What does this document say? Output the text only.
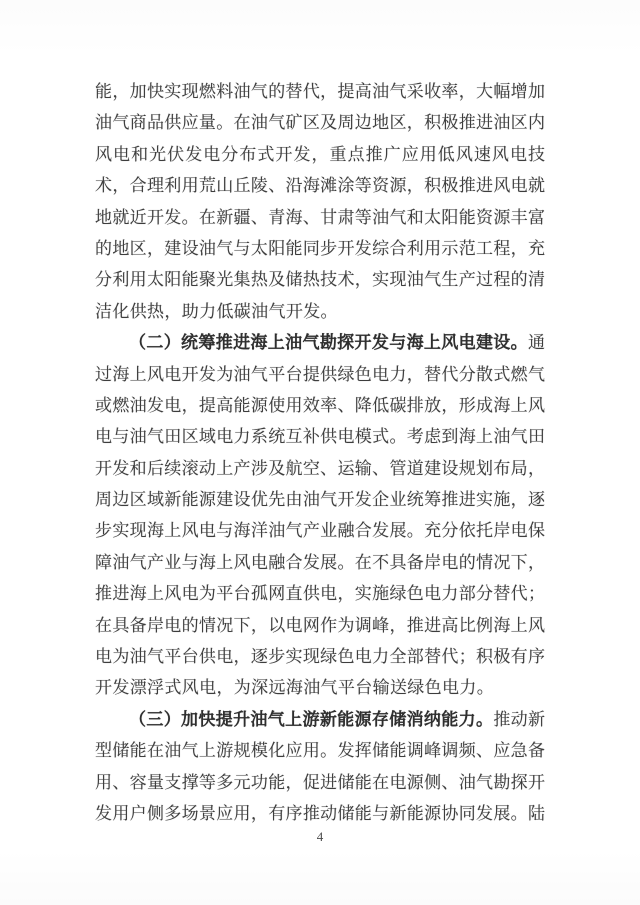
能，加快实现燃料油气的替代，提高油气采收率，大幅增加
油气商品供应量。在油气矿区及周边地区，积极推进油区内
风电和光伏发电分布式开发，重点推广应用低风速风电技
术，合理利用荒山丘陵、沿海滩涂等资源，积极推进风电就
地就近开发。在新疆、青海、甘肃等油气和太阳能资源丰富
的地区，建设油气与太阳能同步开发综合利用示范工程，充
分利用太阳能聚光集热及储热技术，实现油气生产过程的清
洁化供热，助力低碳油气开发。
（二）统筹推进海上油气勘探开发与海上风电建设。通
过海上风电开发为油气平台提供绿色电力，替代分散式燃气
或燃油发电，提高能源使用效率、降低碳排放，形成海上风
电与油气田区域电力系统互补供电模式。考虑到海上油气田
开发和后续滚动上产涉及航空、运输、管道建设规划布局，
周边区域新能源建设优先由油气开发企业统筹推进实施，逐
步实现海上风电与海洋油气产业融合发展。充分依托岸电保
障油气产业与海上风电融合发展。在不具备岸电的情况下，
推进海上风电为平台孤网直供电，实施绿色电力部分替代；
在具备岸电的情况下，以电网作为调峰，推进高比例海上风
电为油气平台供电，逐步实现绿色电力全部替代；积极有序
开发漂浮式风电，为深远海油气平台输送绿色电力。
（三）加快提升油气上游新能源存储消纳能力。推动新
型储能在油气上游规模化应用。发挥储能调峰调频、应急备
用、容量支撑等多元功能，促进储能在电源侧、油气勘探开
发用户侧多场景应用，有序推动储能与新能源协同发展。陆
4
